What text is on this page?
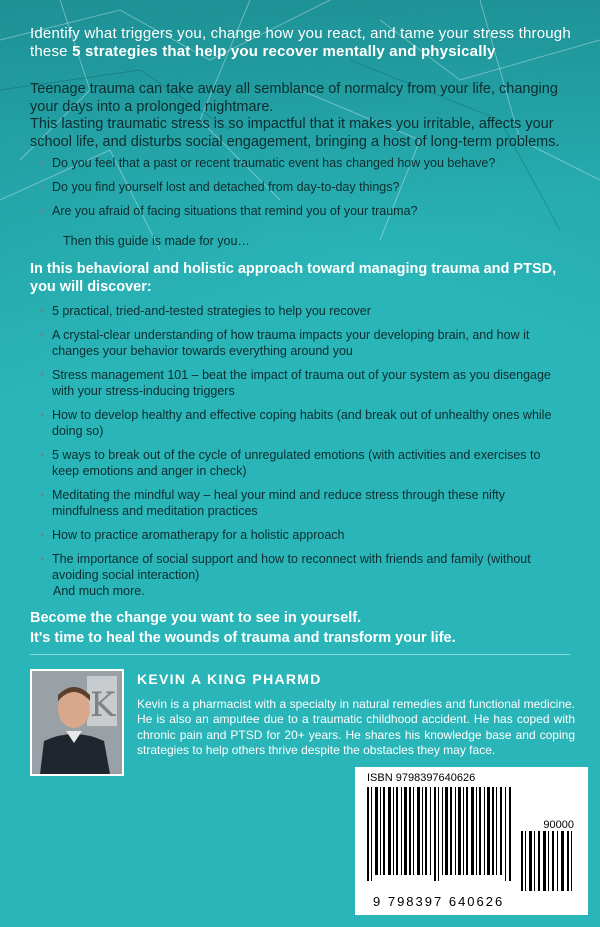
Identify what triggers you, change how you react, and tame your stress through these 5 strategies that help you recover mentally and physically
Teenage trauma can take away all semblance of normalcy from your life, changing your days into a prolonged nightmare.
This lasting traumatic stress is so impactful that it makes you irritable, affects your school life, and disturbs social engagement, bringing a host of long-term problems.
• Do you feel that a past or recent traumatic event has changed how you behave?
• Do you find yourself lost and detached from day-to-day things?
• Are you afraid of facing situations that remind you of your trauma?
Then this guide is made for you…
In this behavioral and holistic approach toward managing trauma and PTSD, you will discover:
• 5 practical, tried-and-tested strategies to help you recover
• A crystal-clear understanding of how trauma impacts your developing brain, and how it changes your behavior towards everything around you
• Stress management 101 – beat the impact of trauma out of your system as you disengage with your stress-inducing triggers
• How to develop healthy and effective coping habits (and break out of unhealthy ones while doing so)
• 5 ways to break out of the cycle of unregulated emotions (with activities and exercises to keep emotions and anger in check)
• Meditating the mindful way – heal your mind and reduce stress through these nifty mindfulness and meditation practices
• How to practice aromatherapy for a holistic approach
• The importance of social support and how to reconnect with friends and family (without avoiding social interaction)
And much more.
Become the change you want to see in yourself.
It's time to heal the wounds of trauma and transform your life.
K
KEVIN A KING PHARMD
Kevin is a pharmacist with a specialty in natural remedies and functional medicine. He is also an amputee due to a traumatic childhood accident. He has coped with chronic pain and PTSD for 20+ years. He shares his knowledge base and coping strategies to help others thrive despite the obstacles they may face.
ISBN 9798397640626
90000
9 798397 640626
